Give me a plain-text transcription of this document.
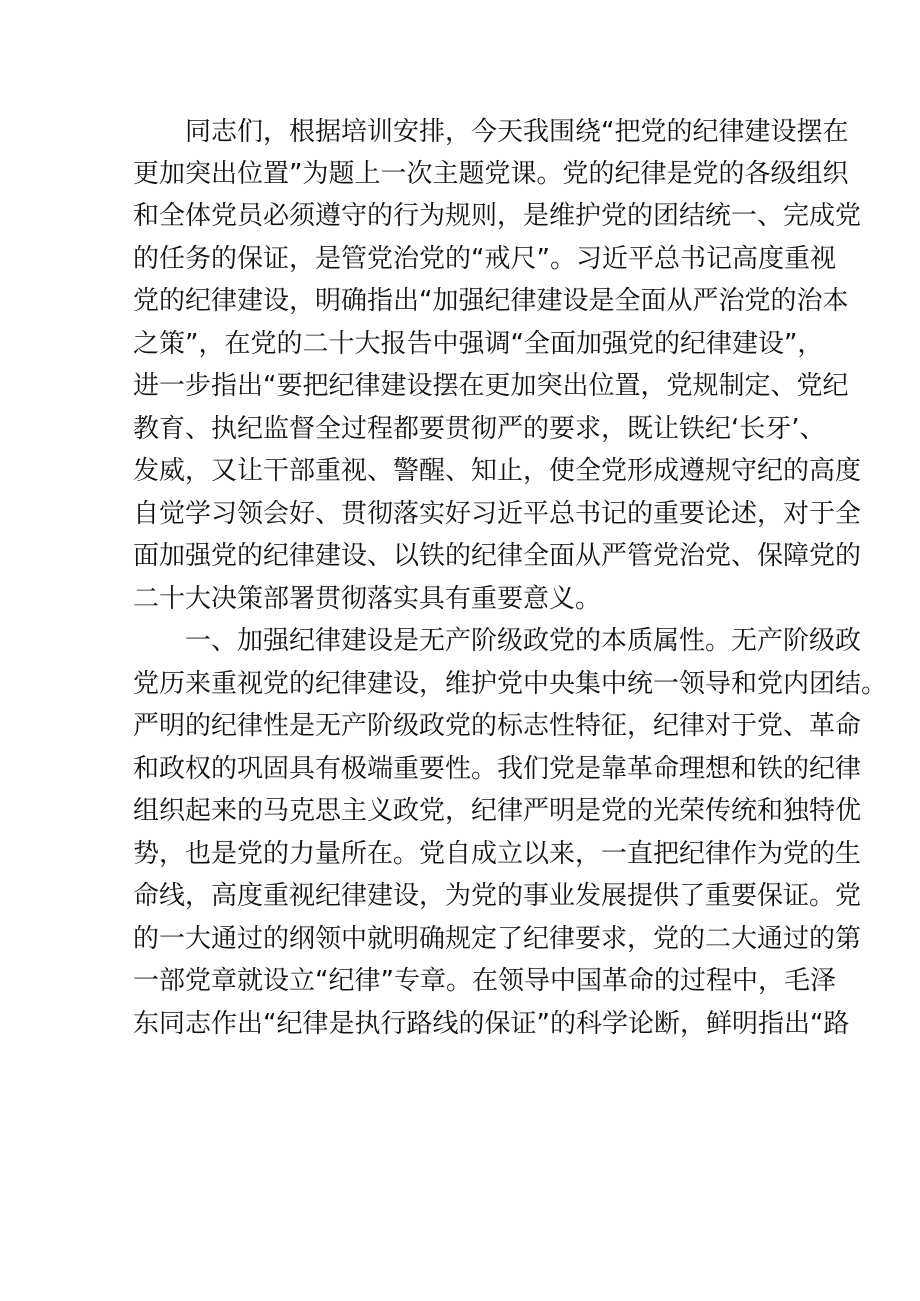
同志们，根据培训安排，今天我围绕“把党的纪律建设摆在
更加突出位置”为题上一次主题党课。党的纪律是党的各级组织
和全体党员必须遵守的行为规则，是维护党的团结统一、完成党
的任务的保证，是管党治党的“戒尺”。习近平总书记高度重视
党的纪律建设，明确指出“加强纪律建设是全面从严治党的治本
之策”，在党的二十大报告中强调“全面加强党的纪律建设”，
进一步指出“要把纪律建设摆在更加突出位置，党规制定、党纪
教育、执纪监督全过程都要贯彻严的要求，既让铁纪‘长牙’、
发威，又让干部重视、警醒、知止，使全党形成遵规守纪的高度
自觉学习领会好、贯彻落实好习近平总书记的重要论述，对于全
面加强党的纪律建设、以铁的纪律全面从严管党治党、保障党的
二十大决策部署贯彻落实具有重要意义。
一、加强纪律建设是无产阶级政党的本质属性。无产阶级政
党历来重视党的纪律建设，维护党中央集中统一领导和党内团结。
严明的纪律性是无产阶级政党的标志性特征，纪律对于党、革命
和政权的巩固具有极端重要性。我们党是靠革命理想和铁的纪律
组织起来的马克思主义政党，纪律严明是党的光荣传统和独特优
势，也是党的力量所在。党自成立以来，一直把纪律作为党的生
命线，高度重视纪律建设，为党的事业发展提供了重要保证。党
的一大通过的纲领中就明确规定了纪律要求，党的二大通过的第
一部党章就设立“纪律”专章。在领导中国革命的过程中，毛泽
东同志作出“纪律是执行路线的保证”的科学论断，鲜明指出“路
